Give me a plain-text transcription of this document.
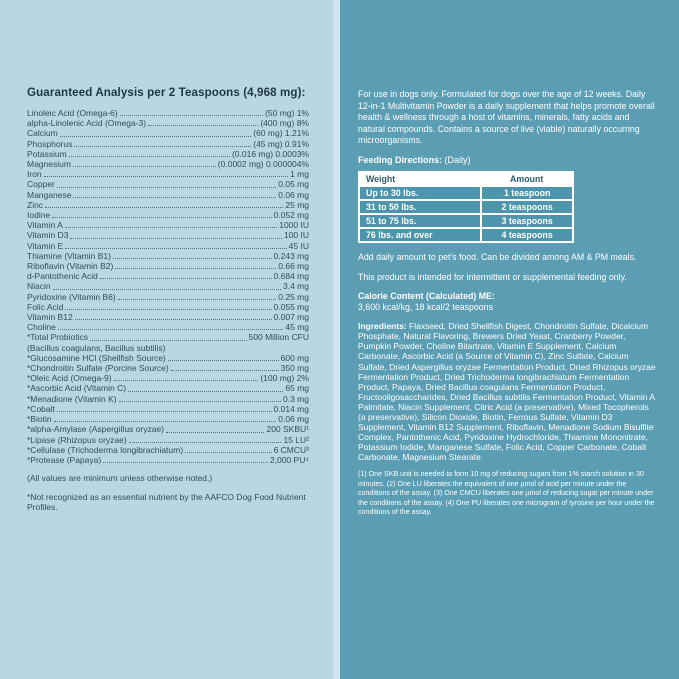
Guaranteed Analysis per 2 Teaspoons (4,968 mg):
Linoleic Acid (Omega-6)	(50 mg) 1%
alpha-Linolenic Acid (Omega-3)	(400 mg) 8%
Calcium	(60 mg) 1.21%
Phosphorus	(45 mg) 0.91%
Potassium	(0.016 mg) 0.0003%
Magnesium	(0.0002 mg) 0.000004%
Iron	1 mg
Copper	0.05 mg
Manganese	0.06 mg
Zinc	25 mg
Iodine	0.052 mg
Vitamin A	1000 IU
Vitamin D3	100 IU
Vitamin E	45 IU
Thiamine (Vitamin B1)	0.243 mg
Riboflavin (Vitamin B2)	0.66 mg
d-Pantothenic Acid	0.684 mg
Niacin	3.4 mg
Pyridoxine (Vitamin B6)	0.25 mg
Folic Acid	0.055 mg
Vitamin B12	0.007 mg
Choline	45 mg
*Total Probiotics	500 Million CFU
(Bacillus coagulans, Bacillus subtilis)
*Glucosamine HCl (Shellfish Source)	600 mg
*Chondroitin Sulfate (Porcine Source)	350 mg
*Oleic Acid (Omega-9)	(100 mg) 2%
*Ascorbic Acid (Vitamin C)	65 mg
*Menadione (Vitamin K)	0.3 mg
*Cobalt	0.014 mg
*Biotin	0.06 mg
*alpha-Amylase (Aspergillus oryzae)	200 SKBU¹
*Lipase (Rhizopus oryzae)	15 LU²
*Cellulase (Trichoderma longibrachiatum)	6 CMCU³
*Protease (Papaya)	2,000 PU⁴
(All values are minimum unless otherwise noted.)
*Not recognized as an essential nutrient by the AAFCO Dog Food Nutrient Profiles.
For use in dogs only. Formulated for dogs over the age of 12 weeks. Daily 12-in-1 Multivitamin Powder is a daily supplement that helps promote overall health & wellness through a host of vitamins, minerals, fatty acids and natural compounds. Contains a source of live (viable) naturally occurring microorganisms.
Feeding Directions: (Daily)
Weight	Amount
Up to 30 lbs.	1 teaspoon
31 to 50 lbs.	2 teaspoons
51 to 75 lbs.	3 teaspoons
76 lbs. and over	4 teaspoons
Add daily amount to pet's food. Can be divided among AM & PM meals.
This product is intended for intermittent or supplemental feeding only.
Calorie Content (Calculated) ME:
3,600 kcal/kg, 18 kcal/2 teaspoons
Ingredients: Flaxseed, Dried Shellfish Digest, Chondroitin Sulfate, Dicalcium Phosphate, Natural Flavoring, Brewers Dried Yeast, Cranberry Powder, Pumpkin Powder, Choline Bitartrate, Vitamin E Supplement, Calcium Carbonate, Ascorbic Acid (a Source of Vitamin C), Zinc Sulfate, Calcium Sulfate, Dried Aspergillus oryzae Fermentation Product, Dried Rhizopus oryzae Fermentation Product, Dried Trichoderma longibrachiatum Fermentation Product, Papaya, Dried Bacillus coagulans Fermentation Product, Fructooligosaccharides, Dried Bacillus subtilis Fermentation Product, Vitamin A Palmitate, Niacin Supplement, Citric Acid (a preservative), Mixed Tocopherols (a preservative), Silicon Dioxide, Biotin, Ferrous Sulfate, Vitamin D3 Supplement, Vitamin B12 Supplement, Riboflavin, Menadione Sodium Bisulfite Complex, Pantothenic Acid, Pyridoxine Hydrochloride, Thiamine Mononitrate, Potassium Iodide, Manganese Sulfate, Folic Acid, Copper Carbonate, Cobalt Carbonate, Magnesium Stearate.
(1) One SKB unit is needed to form 10 mg of reducing sugars from 1% starch solution in 30 minutes. (2) One LU liberates the equivalent of one µmol of acid per minute under the conditions of the assay. (3) One CMCU liberates one µmol of reducing sugar per minute under the conditions of the assay. (4) One PU liberates one microgram of tyrosine per hour under the conditions of the assay.
